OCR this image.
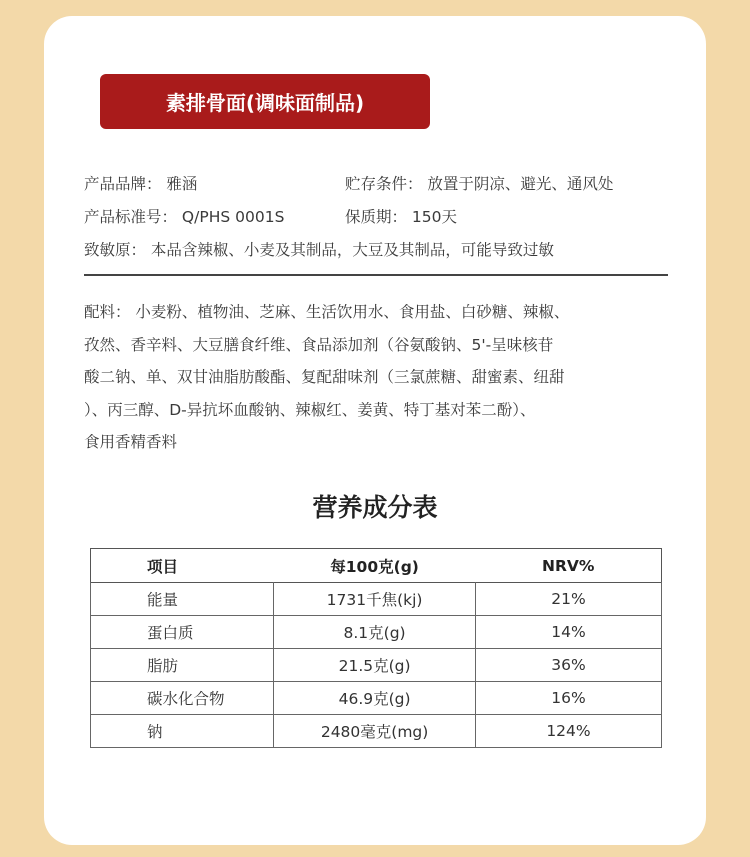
素排骨面(调味面制品)
产品品牌： 雅涵	贮存条件： 放置于阴凉、避光、通风处
产品标准号： Q/PHS 0001S	保质期： 150天
致敏原： 本品含辣椒、小麦及其制品，大豆及其制品，可能导致过敏
配料： 小麦粉、植物油、芝麻、生活饮用水、食用盐、白砂糖、辣椒、
孜然、香辛料、大豆膳食纤维、食品添加剂（谷氨酸钠、5'-呈味核苷
酸二钠、单、双甘油脂肪酸酯、复配甜味剂（三氯蔗糖、甜蜜素、纽甜
）、丙三醇、D-异抗坏血酸钠、辣椒红、姜黄、特丁基对苯二酚）、
食用香精香料
营养成分表
项目	每100克(g)	NRV%
能量	1731千焦(kj)	21%
蛋白质	8.1克(g)	14%
脂肪	21.5克(g)	36%
碳水化合物	46.9克(g)	16%
钠	2480毫克(mg)	124%
